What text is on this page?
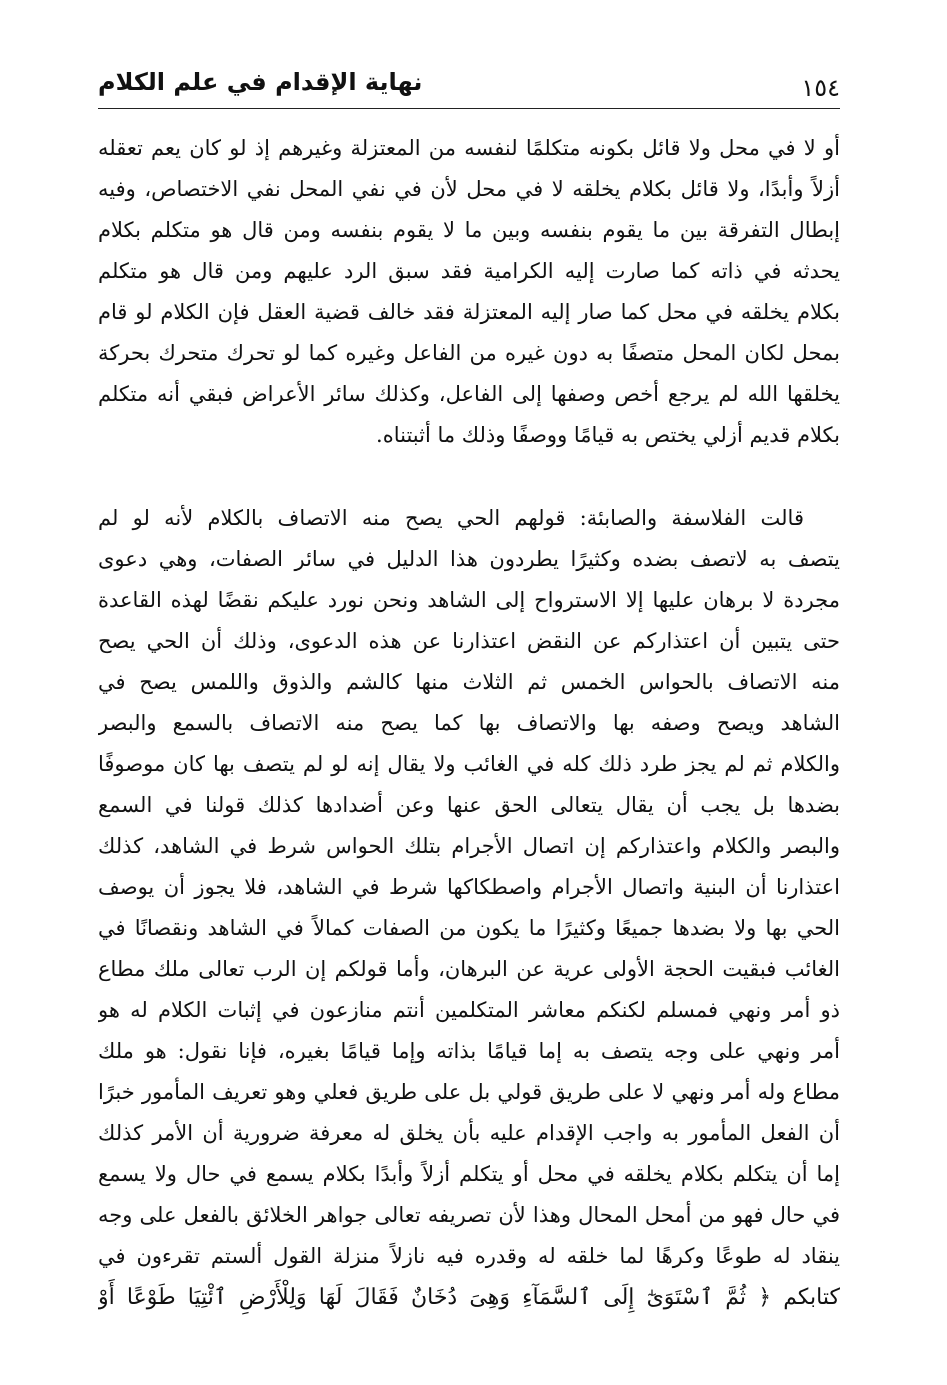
نهاية الإقدام في علم الكلام	١٥٤
أو لا في محل ولا قائل بكونه متكلمًا لنفسه من المعتزلة وغيرهم إذ لو كان يعم تعقله
أزلاً وأبدًا، ولا قائل بكلام يخلقه لا في محل لأن في نفي المحل نفي الاختصاص، وفيه
إبطال التفرقة بين ما يقوم بنفسه وبين ما لا يقوم بنفسه ومن قال هو متكلم بكلام
يحدثه في ذاته كما صارت إليه الكرامية فقد سبق الرد عليهم ومن قال هو متكلم
بكلام يخلقه في محل كما صار إليه المعتزلة فقد خالف قضية العقل فإن الكلام لو قام
بمحل لكان المحل متصفًا به دون غيره من الفاعل وغيره كما لو تحرك متحرك بحركة
يخلقها الله لم يرجع أخص وصفها إلى الفاعل، وكذلك سائر الأعراض فبقي أنه متكلم
بكلام قديم أزلي يختص به قيامًا ووصفًا وذلك ما أثبتناه.
قالت الفلاسفة والصابئة: قولهم الحي يصح منه الاتصاف بالكلام لأنه لو لم
يتصف به لاتصف بضده وكثيرًا يطردون هذا الدليل في سائر الصفات، وهي دعوى
مجردة لا برهان عليها إلا الاسترواح إلى الشاهد ونحن نورد عليكم نقضًا لهذه القاعدة
حتى يتبين أن اعتذاركم عن النقض اعتذارنا عن هذه الدعوى، وذلك أن الحي يصح
منه الاتصاف بالحواس الخمس ثم الثلاث منها كالشم والذوق واللمس يصح في
الشاهد ويصح وصفه بها والاتصاف بها كما يصح منه الاتصاف بالسمع والبصر
والكلام ثم لم يجز طرد ذلك كله في الغائب ولا يقال إنه لو لم يتصف بها كان موصوفًا
بضدها بل يجب أن يقال يتعالى الحق عنها وعن أضدادها كذلك قولنا في السمع
والبصر والكلام واعتذاركم إن اتصال الأجرام بتلك الحواس شرط في الشاهد، كذلك
اعتذارنا أن البنية واتصال الأجرام واصطكاكها شرط في الشاهد، فلا يجوز أن يوصف
الحي بها ولا بضدها جميعًا وكثيرًا ما يكون من الصفات كمالاً في الشاهد ونقصانًا في
الغائب فبقيت الحجة الأولى عرية عن البرهان، وأما قولكم إن الرب تعالى ملك مطاع
ذو أمر ونهي فمسلم لكنكم معاشر المتكلمين أنتم منازعون في إثبات الكلام له هو
أمر ونهي على وجه يتصف به إما قيامًا بذاته وإما قيامًا بغيره، فإنا نقول: هو ملك
مطاع وله أمر ونهي لا على طريق قولي بل على طريق فعلي وهو تعريف المأمور خبرًا
أن الفعل المأمور به واجب الإقدام عليه بأن يخلق له معرفة ضرورية أن الأمر كذلك
إما أن يتكلم بكلام يخلقه في محل أو يتكلم أزلاً وأبدًا بكلام يسمع في حال ولا يسمع
في حال فهو من أمحل المحال وهذا لأن تصريفه تعالى جواهر الخلائق بالفعل على وجه
ينقاد له طوعًا وكرهًا لما خلقه له وقدره فيه نازلاً منزلة القول ألستم تقرءون في
كتابكم ﴿ ثُمَّ ٱسْتَوَىٰٓ إِلَى ٱلسَّمَآءِ وَهِىَ دُخَانٌ فَقَالَ لَهَا وَلِلْأَرْضِ ٱئْتِيَا طَوْعًا أَوْ
